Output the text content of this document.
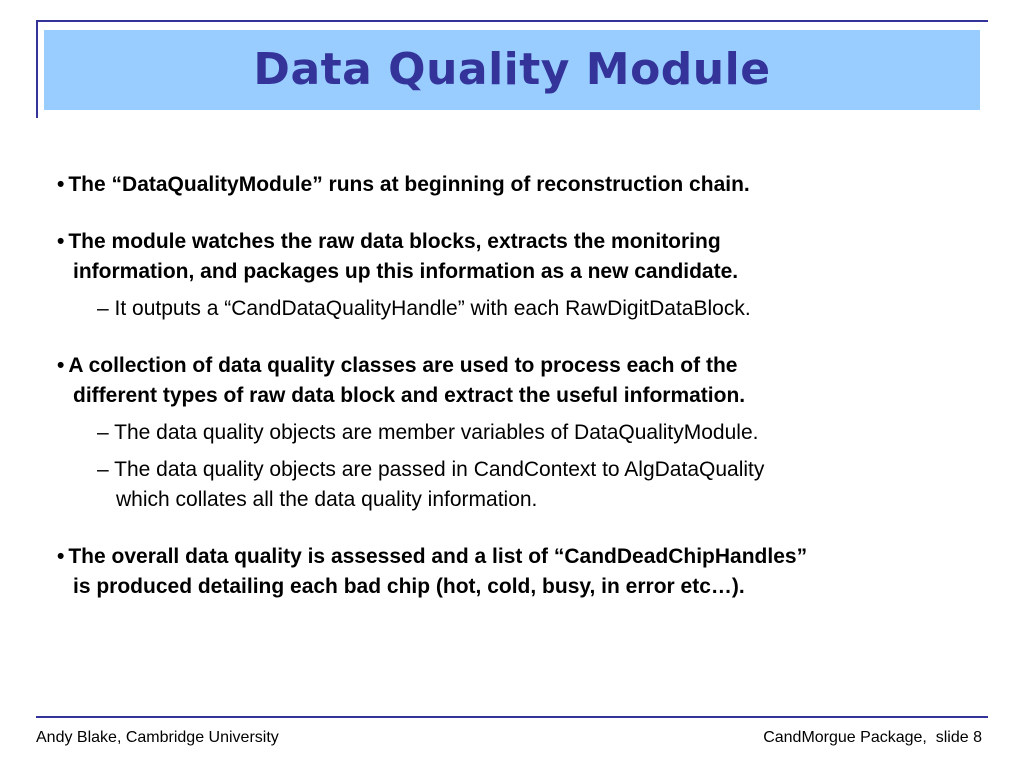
Data Quality Module

• The “DataQualityModule” runs at beginning of reconstruction chain.

• The module watches the raw data blocks, extracts the monitoring
information, and packages up this information as a new candidate.

– It outputs a “CandDataQualityHandle” with each RawDigitDataBlock.

• A collection of data quality classes are used to process each of the
different types of raw data block and extract the useful information.

– The data quality objects are member variables of DataQualityModule.

– The data quality objects are passed in CandContext to AlgDataQuality
which collates all the data quality information.

• The overall data quality is assessed and a list of “CandDeadChipHandles”
is produced detailing each bad chip (hot, cold, busy, in error etc…).

Andy Blake, Cambridge University	CandMorgue Package,  slide 8
